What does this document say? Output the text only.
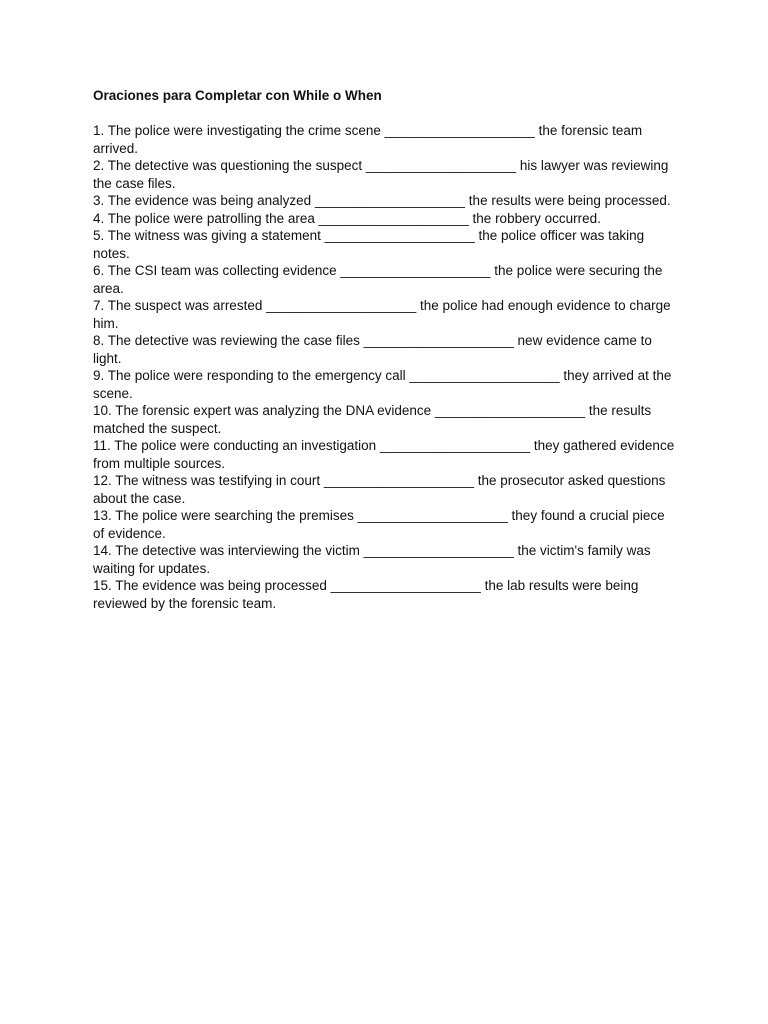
Oraciones para Completar con While o When

1. The police were investigating the crime scene ____________________ the forensic team arrived.

2. The detective was questioning the suspect ____________________ his lawyer was reviewing the case files.

3. The evidence was being analyzed ____________________ the results were being processed.

4. The police were patrolling the area ____________________ the robbery occurred.

5. The witness was giving a statement ____________________ the police officer was taking notes.

6. The CSI team was collecting evidence ____________________ the police were securing the area.

7. The suspect was arrested ____________________ the police had enough evidence to charge him.

8. The detective was reviewing the case files ____________________ new evidence came to light.

9. The police were responding to the emergency call ____________________ they arrived at the scene.

10. The forensic expert was analyzing the DNA evidence ____________________ the results matched the suspect.

11. The police were conducting an investigation ____________________ they gathered evidence from multiple sources.

12. The witness was testifying in court ____________________ the prosecutor asked questions about the case.

13. The police were searching the premises ____________________ they found a crucial piece of evidence.

14. The detective was interviewing the victim ____________________ the victim's family was waiting for updates.

15. The evidence was being processed ____________________ the lab results were being reviewed by the forensic team.
